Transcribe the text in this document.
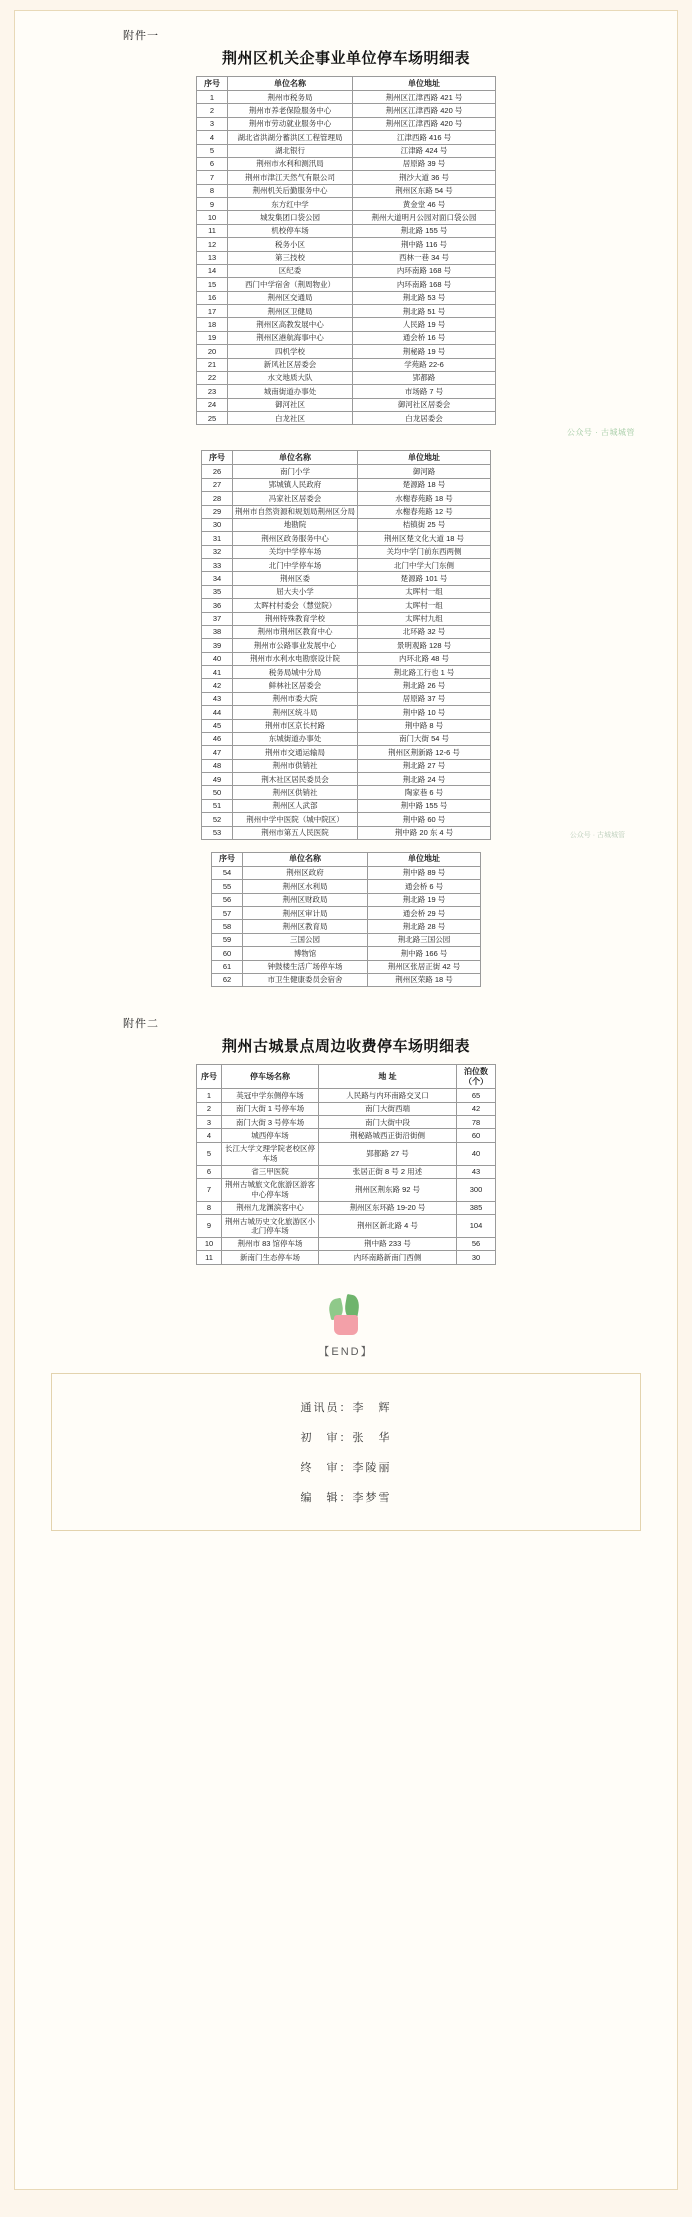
附件一
荆州区机关企事业单位停车场明细表
序号	单位名称	单位地址
1	荆州市税务局	荆州区江津西路 421 号
2	荆州市养老保险服务中心	荆州区江津西路 420 号
3	荆州市劳动就业服务中心	荆州区江津西路 420 号
4	湖北省洪湖分蓄洪区工程管理局	江津西路 416 号
5	湖北银行	江津路 424 号
6	荆州市水利和测汛局	居原路 39 号
7	荆州市津江天然气有限公司	荆沙大道 36 号
8	荆州机关后勤服务中心	荆州区东路 54 号
9	东方红中学	黄金堂 46 号
10	城发集团口袋公园	荆州大道明月公园对面口袋公园
11	机校停车场	荆北路 155 号
12	税务小区	荆中路 116 号
13	第三技校	西林一巷 34 号
14	区纪委	内环南路 168 号
15	西门中学宿舍（荆周物业）	内环南路 168 号
16	荆州区交通局	荆北路 53 号
17	荆州区卫健局	荆北路 51 号
18	荆州区高教发展中心	人民路 19 号
19	荆州区港航海事中心	通会桥 16 号
20	四机学校	荆秘路 19 号
21	新风社区居委会	学苑路 22-6
22	水文地质大队	郢都路
23	城南街道办事处	市场路 7 号
24	御河社区	御河社区居委会
25	白龙社区	白龙居委会
公众号 · 古城城管
序号	单位名称	单位地址
26	南门小学	御河路
27	郢城镇人民政府	楚源路 18 号
28	冯家社区居委会	水榭春苑路 18 号
29	荆州市自然资源和规划局荆州区分局	水榭春苑路 12 号
30	地勘院	桔镇街 25 号
31	荆州区政务服务中心	荆州区楚文化大道 18 号
32	关均中学停车场	关均中学门前东西两侧
33	北门中学停车场	北门中学大门东侧
34	荆州区委	楚源路 101 号
35	屈大夫小学	太晖村一组
36	太晖村村委会（慧觉院）	太晖村一组
37	荆州特殊教育学校	太晖村九组
38	荆州市荆州区教育中心	北环路 32 号
39	荆州市公路事业发展中心	景明观路 128 号
40	荆州市水利水电勘察设计院	内环北路 48 号
41	税务局城中分局	荆北路工行也 1 号
42	鲜林社区居委会	荆北路 26 号
43	荆州市委大院	居原路 37 号
44	荆州区统斗局	荆中路 10 号
45	荆州市区京长村路	荆中路 8 号
46	东城街道办事处	南门大街 54 号
47	荆州市交通运输局	荆州区荆新路 12-6 号
48	荆州市供销社	荆北路 27 号
49	荆木社区居民委员会	荆北路 24 号
50	荆州区供销社	陶家巷 6 号
51	荆州区人武部	荆中路 155 号
52	荆州中学中医院（城中院区）	荆中路 60 号
53	荆州市第五人民医院	荆中路 20 东 4 号	公众号 · 古城城管
序号	单位名称	单位地址
54	荆州区政府	荆中路 89 号
55	荆州区水利局	通会桥 6 号
56	荆州区财政局	荆北路 19 号
57	荆州区审计局	通会桥 29 号
58	荆州区教育局	荆北路 28 号
59	三国公园	荆北路三国公园
60	博物馆	荆中路 166 号
61	钟鼓楼生活广场停车场	荆州区张居正街 42 号
62	市卫生健康委员会宿舍	荆州区荣路 18 号
附件二
荆州古城景点周边收费停车场明细表
序号	停车场名称	地 址	泊位数（个）
1	英冠中学东侧停车场	人民路与内环南路交叉口	65
2	南门大街 1 号停车场	南门大街西端	42
3	南门大街 3 号停车场	南门大街中段	78
4	城西停车场	荆秘路城西正街沿街侧	60
5	长江大学文理学院老校区停车场	郢都路 27 号	40
6	省三甲医院	张居正街 8 号 2 用述	43
7	荆州古城旅文化旅游区游客中心停车场	荆州区荆东路 92 号	300
8	荆州九龙渊滨客中心	荆州区东环路 19-20 号	385
9	荆州古城历史文化旅游区小北门停车场	荆州区新北路 4 号	104
10	荆州市 83 馆停车场	荆中路 233 号	56
11	新南门生态停车场	内环南路新南门西侧	30
【END】
通讯员：李　辉
初　审：张　华
终　审：李陵丽
编　辑：李梦雪
